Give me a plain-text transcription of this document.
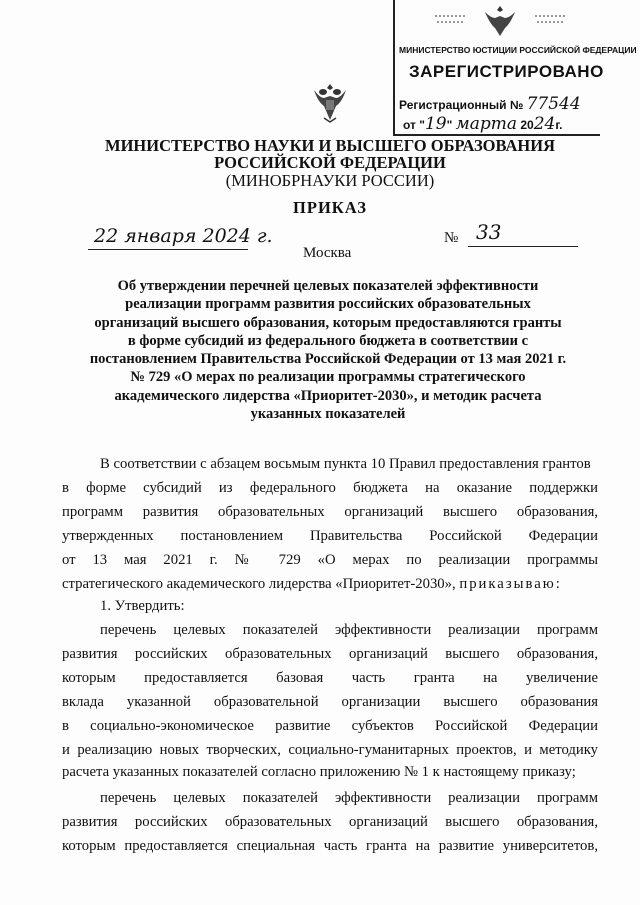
МИНИСТЕРСТВО ЮСТИЦИИ РОССИЙСКОЙ ФЕДЕРАЦИИ
ЗАРЕГИСТРИРОВАНО
Регистрационный № 77544
от "19" марта 2024г.
МИНИСТЕРСТВО НАУКИ И ВЫСШЕГО ОБРАЗОВАНИЯ
РОССИЙСКОЙ ФЕДЕРАЦИИ
(МИНОБРНАУКИ РОССИИ)
ПРИКАЗ
22 января 2024 г.
Москва
№ 33
Об утверждении перечней целевых показателей эффективности
реализации программ развития российских образовательных
организаций высшего образования, которым предоставляются гранты
в форме субсидий из федерального бюджета в соответствии с
постановлением Правительства Российской Федерации от 13 мая 2021 г.
№ 729 «О мерах по реализации программы стратегического
академического лидерства «Приоритет-2030», и методик расчета
указанных показателей
В соответствии с абзацем восьмым пункта 10 Правил предоставления грантов
в форме субсидий из федерального бюджета на оказание поддержки
программ развития образовательных организаций высшего образования,
утвержденных постановлением Правительства Российской Федерации
от 13 мая 2021 г. № 729 «О мерах по реализации программы
стратегического академического лидерства «Приоритет-2030», приказываю:
1. Утвердить:
перечень целевых показателей эффективности реализации программ
развития российских образовательных организаций высшего образования,
которым предоставляется базовая часть гранта на увеличение
вклада указанной образовательной организации высшего образования
в социально-экономическое развитие субъектов Российской Федерации
и реализацию новых творческих, социально-гуманитарных проектов, и методику
расчета указанных показателей согласно приложению № 1 к настоящему приказу;
перечень целевых показателей эффективности реализации программ
развития российских образовательных организаций высшего образования,
которым предоставляется специальная часть гранта на развитие университетов,
